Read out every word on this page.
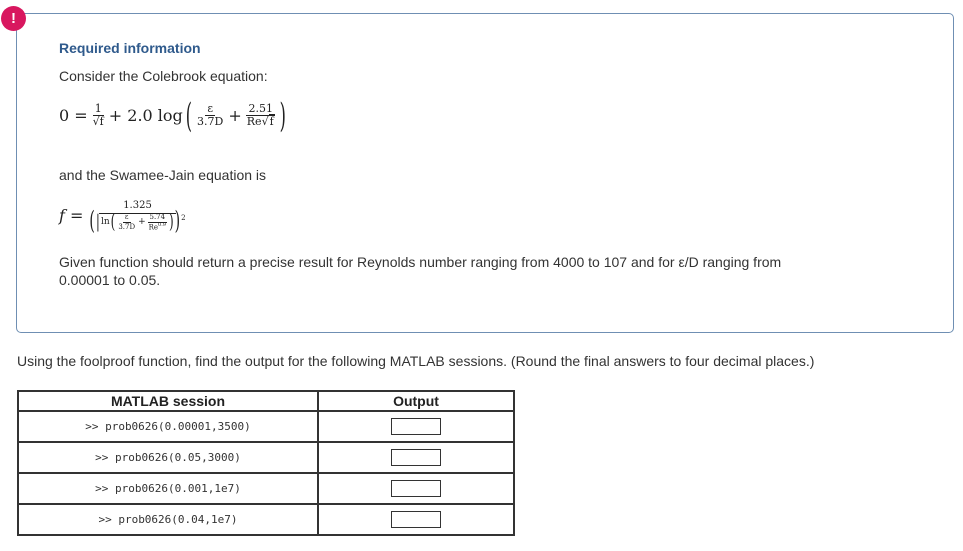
!
Required information
Consider the Colebrook equation:
$0 = \frac{1}{√f} + 2.0$ log ( $\frac{\varepsilon}{3.7D} + \frac{2.51}{Re√f}$ )
and the Swamee-Jain equation is
f =
1.325
( | ln ( $\frac{\varepsilon}{3.7D} + \frac{5.74}{Re^{0.9}}$ ) )$^2$
Given function should return a precise result for Reynolds number ranging from 4000 to 107 and for ε/D ranging from
0.00001 to 0.05.
Using the foolproof function, find the output for the following MATLAB sessions. (Round the final answers to four decimal places.)
MATLAB session	Output

>> prob0626(0.00001,3500)

>> prob0626(0.05,3000)

>> prob0626(0.001,1e7)

>> prob0626(0.04,1e7)
